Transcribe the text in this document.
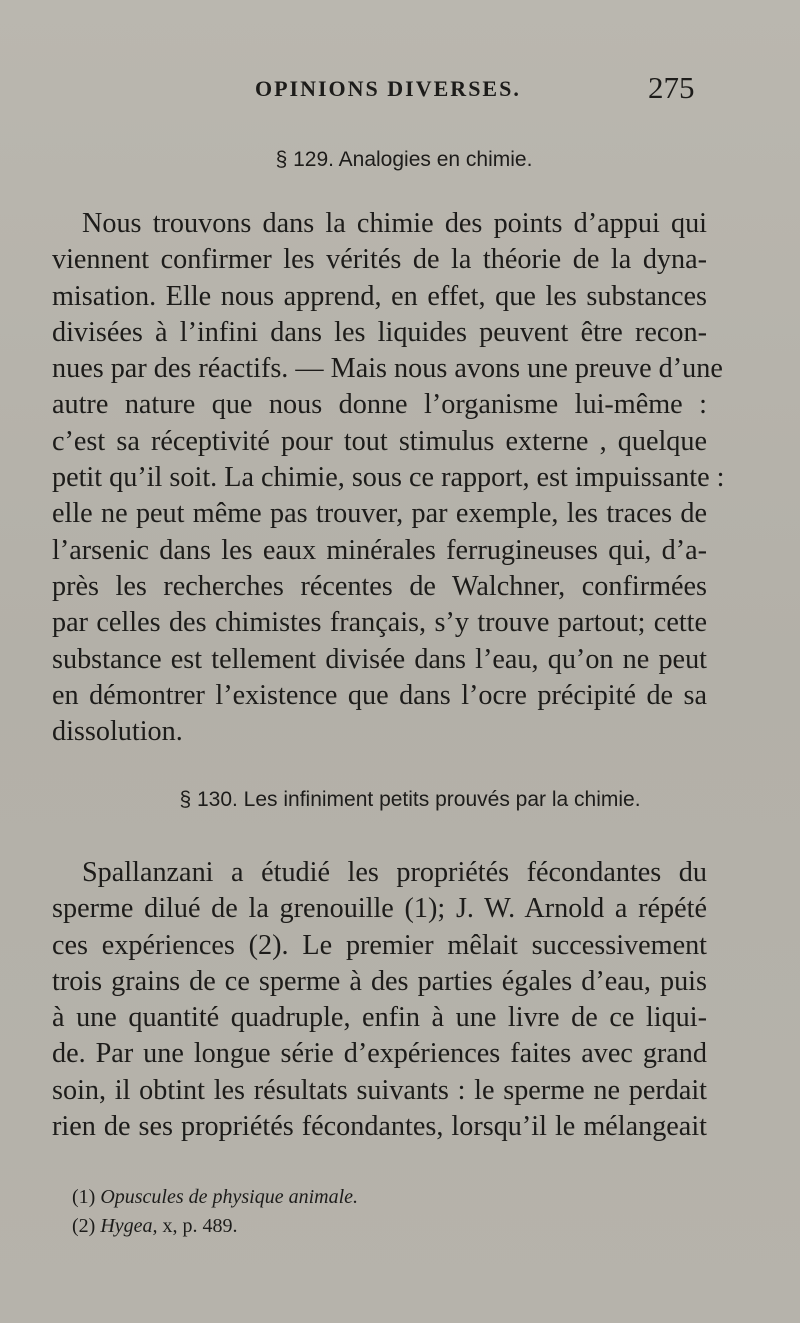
OPINIONS DIVERSES.	275
§ 129. Analogies en chimie.
Nous trouvons dans la chimie des points d’appui qui
viennent confirmer les vérités de la théorie de la dyna-
misation. Elle nous apprend, en effet, que les substances
divisées à l’infini dans les liquides peuvent être recon-
nues par des réactifs. — Mais nous avons une preuve d’une
autre nature que nous donne l’organisme lui-même :
c’est sa réceptivité pour tout stimulus externe , quelque
petit qu’il soit. La chimie, sous ce rapport, est impuissante :
elle ne peut même pas trouver, par exemple, les traces de
l’arsenic dans les eaux minérales ferrugineuses qui, d’a-
près les recherches récentes de Walchner, confirmées
par celles des chimistes français, s’y trouve partout; cette
substance est tellement divisée dans l’eau, qu’on ne peut
en démontrer l’existence que dans l’ocre précipité de sa
dissolution.
§ 130. Les infiniment petits prouvés par la chimie.
Spallanzani a étudié les propriétés fécondantes du
sperme dilué de la grenouille (1); J. W. Arnold a répété
ces expériences (2). Le premier mêlait successivement
trois grains de ce sperme à des parties égales d’eau, puis
à une quantité quadruple, enfin à une livre de ce liqui-
de. Par une longue série d’expériences faites avec grand
soin, il obtint les résultats suivants : le sperme ne perdait
rien de ses propriétés fécondantes, lorsqu’il le mélangeait
(1) Opuscules de physique animale.
(2) Hygea, x, p. 489.
